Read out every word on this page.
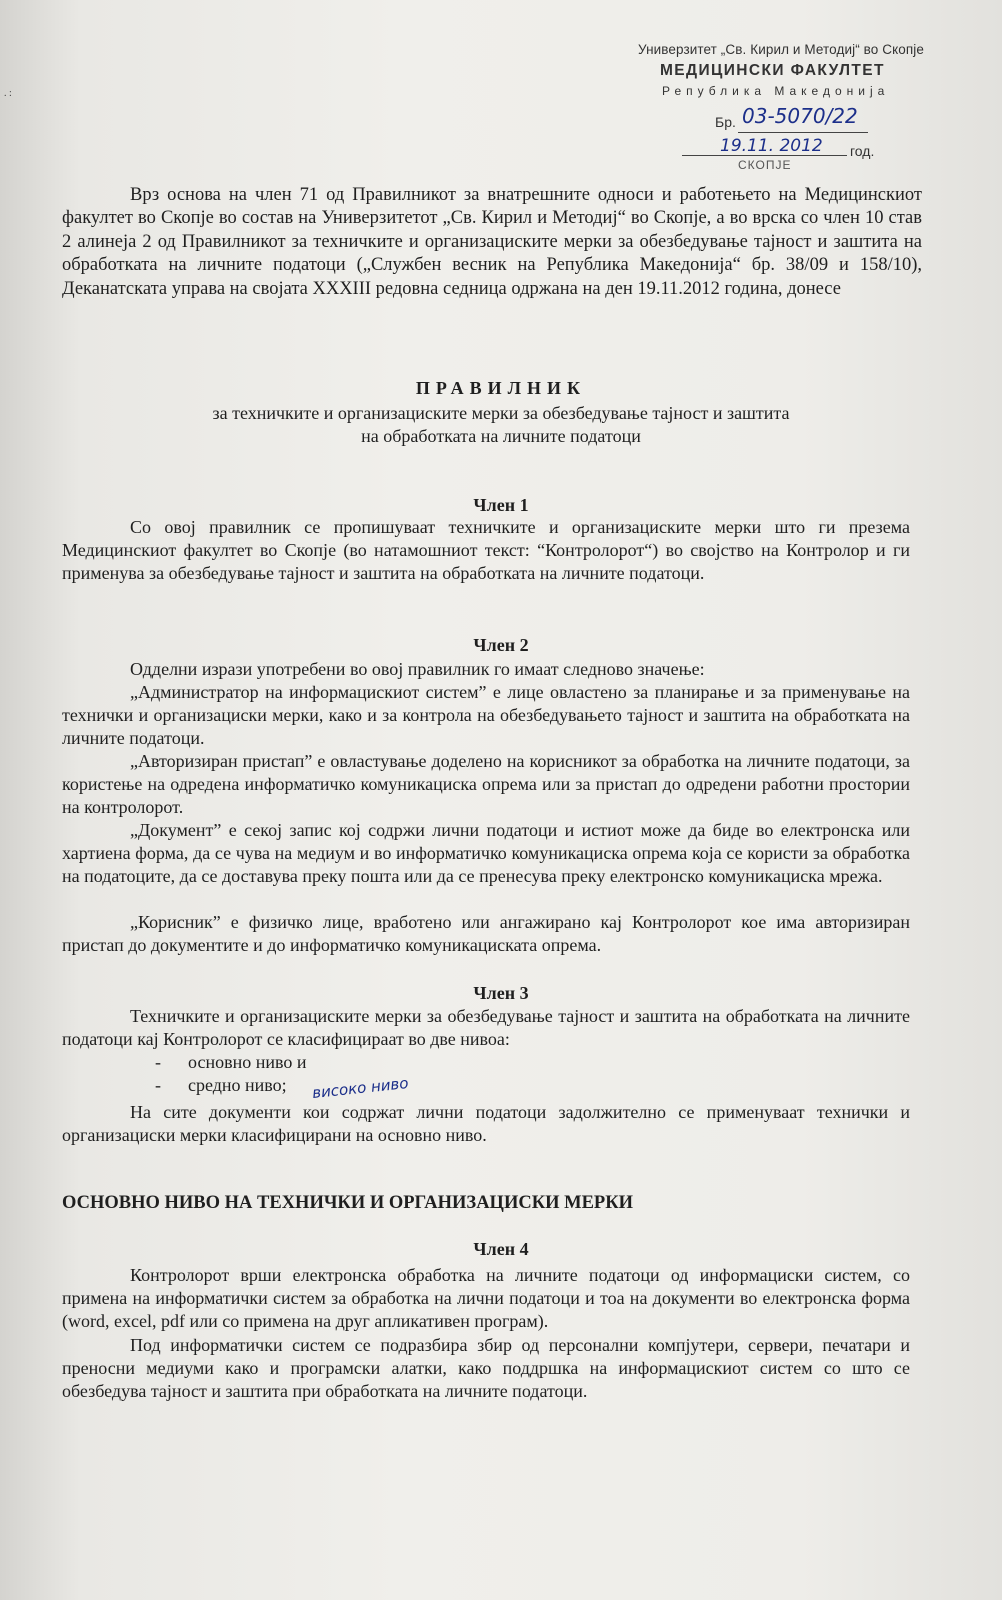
. :
Универзитет „Св. Кирил и Методиј“ во Скопје
МЕДИЦИНСКИ ФАКУЛТЕТ
Република Македонија
Бр. 03-5070/22
19.11. 2012 год.
СКОПЈЕ
Врз основа на член 71 од Правилникот за внатрешните односи и работењето на Медицинскиот факултет во Скопје во состав на Универзитетот „Св. Кирил и Методиј“ во Скопје, а во врска со член 10 став 2 алинеја 2 од Правилникот за техничките и организациските мерки за обезбедување тајност и заштита на обработката на личните податоци („Службен весник на Република Македонија“ бр. 38/09 и 158/10), Деканатската управа на својата XXXIII редовна седница одржана на ден 19.11.2012 година, донесе
ПРАВИЛНИК
за техничките и организациските мерки за обезбедување тајност и заштита
на обработката на личните податоци
Член 1
Со овој правилник се пропишуваат техничките и организациските мерки што ги презема Медицинскиот факултет во Скопје (во натамошниот текст: “Контролорот“) во својство на Контролор и ги применува за обезбедување тајност и заштита на обработката на личните податоци.
Член 2
Одделни изрази употребени во овој правилник го имаат следново значење:
„Администратор на информацискиот систем” е лице овластено за планирање и за применување на технички и организациски мерки, како и за контрола на обезбедувањето тајност и заштита на обработката на личните податоци.
„Авторизиран пристап” е овластување доделено на корисникот за обработка на личните податоци, за користење на одредена информатичко комуникациска опрема или за пристап до одредени работни простории на контролорот.
„Документ” е секој запис кој содржи лични податоци и истиот може да биде во електронска или хартиена форма, да се чува на медиум и во информатичко комуникациска опрема која се користи за обработка на податоците, да се доставува преку пошта или да се пренесува преку електронско комуникациска мрежа.
„Корисник” е физичко лице, вработено или ангажирано кај Контролорот кое има авторизиран пристап до документите и до информатичко комуникациската опрема.
Член 3
Техничките и организациските мерки за обезбедување тајност и заштита на обработката на личните податоци кај Контролорот се класифицираат во две нивоа:
-	основно ниво и
-	средно ниво;	високо ниво
На сите документи кои содржат лични податоци задолжително се применуваат технички и организациски мерки класифицирани на основно ниво.
ОСНОВНО НИВО НА ТЕХНИЧКИ И ОРГАНИЗАЦИСКИ МЕРКИ
Член 4
Контролорот врши електронска обработка на личните податоци од информациски систем, со примена на информатички систем за обработка на лични податоци и тоа на документи во електронска форма (word, excel, pdf или со примена на друг апликативен програм).
Под информатички систем се подразбира збир од персонални компјутери, сервери, печатари и преносни медиуми како и програмски алатки, како поддршка на информацискиот систем со што се обезбедува тајност и заштита при обработката на личните податоци.
